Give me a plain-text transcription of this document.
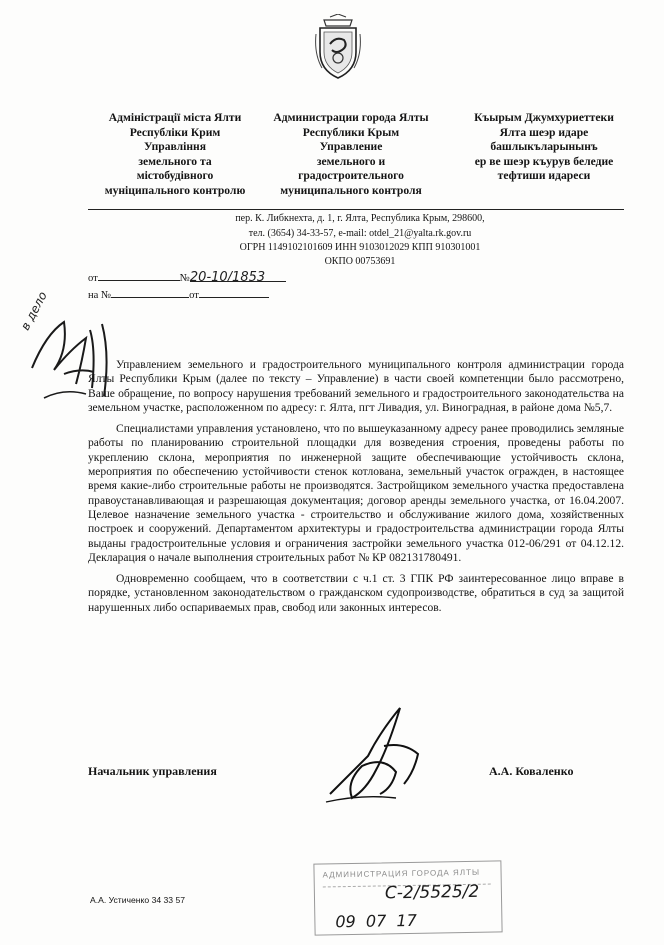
Адміністрації міста Ялти
Республіки Крим
Управління
земельного та
містобудівного
муніципального контролю
Администрации города Ялты
Республики Крым
Управление
земельного и
градостроительного
муниципального контроля
Къырым Джумхуриеттеки
Ялта шеэр идаре
башлыкъларынынъ
ер ве шеэр къурув беледие
тефтиши идареси
пер. К. Либкнехта, д. 1, г. Ялта, Республика Крым, 298600,
тел. (3654) 34-33-57, e-mail: otdel_21@yalta.rk.gov.ru
ОГРН 1149102101609 ИНН 9103012029 КПП 910301001
ОКПО 00753691
от	№20-10/1853
на №	от
в дело

Управлением земельного и градостроительного муниципального контроля администрации города Ялты Республики Крым (далее по тексту – Управление) в части своей компетенции было рассмотрено, Ваше обращение, по вопросу нарушения требований земельного и градостроительного законодательства на земельном участке, расположенном по адресу: г. Ялта, пгт Ливадия, ул. Виноградная, в районе дома №5,7.

Специалистами управления установлено, что по вышеуказанному адресу ранее проводились земляные работы по планированию строительной площадки для возведения строения, проведены работы по укреплению склона, мероприятия по инженерной защите обеспечивающие устойчивость склона, мероприятия по обеспечению устойчивости стенок котлована, земельный участок огражден, в настоящее время какие-либо строительные работы не производятся. Застройщиком земельного участка предоставлена правоустанавливающая и разрешающая документация; договор аренды земельного участка, от 16.04.2007. Целевое назначение земельного участка - строительство и обслуживание жилого дома, хозяйственных построек и сооружений. Департаментом архитектуры и градостроительства администрации города Ялты выданы градостроительные условия и ограничения застройки земельного участка 012-06/291 от 04.12.12. Декларация о начале выполнения строительных работ № КР 082131780491.

Одновременно сообщаем, что в соответствии с ч.1 ст. 3 ГПК РФ заинтересованное лицо вправе в порядке, установленном законодательством о гражданском судопроизводстве, обратиться в суд за защитой нарушенных либо оспариваемых прав, свобод или законных интересов.

Начальник управления	А.А. Коваленко
А.А. Устиченко 34 33 57
АДМИНИСТРАЦИЯ ГОРОДА ЯЛТЫ
С-2/5525/2
09  07  17
